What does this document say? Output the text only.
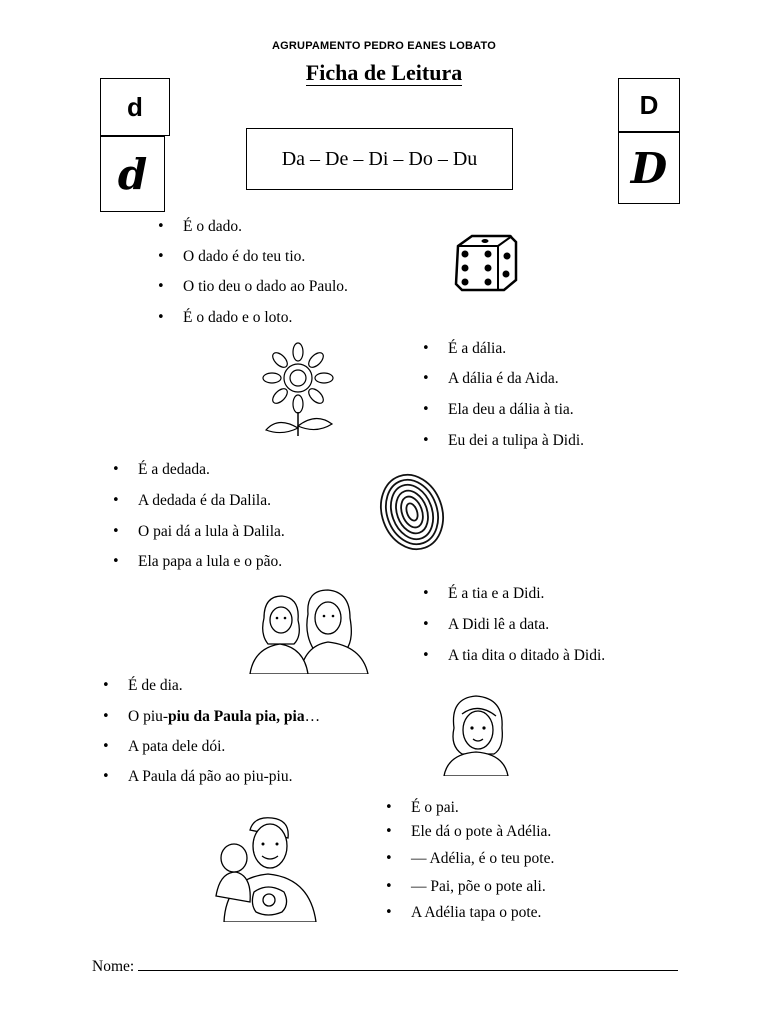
AGRUPAMENTO PEDRO EANES LOBATO
Ficha de Leitura
d
d	Da – De – Di – Do – Du
D
D
• É o dado.
• O dado é do teu tio.
• O tio deu o dado ao Paulo.
• É o dado e o loto.
• É a dália.
• A dália é da Aida.
• Ela deu a dália à tia.
• Eu dei a tulipa à Didi.
• É a dedada.
• A dedada é da Dalila.
• O pai dá a lula à Dalila.
• Ela papa a lula e o pão.
• É a tia e a Didi.
• A Didi lê a data.
• A tia dita o ditado à Didi.
• É de dia.
• O piu-piu da Paula pia, pia…
• A pata dele dói.
• A Paula dá pão ao piu-piu.
• É o pai.
• Ele dá o pote à Adélia.
• ― Adélia, é o teu pote.
• ― Pai, põe o pote ali.
• A Adélia tapa o pote.
Nome:
